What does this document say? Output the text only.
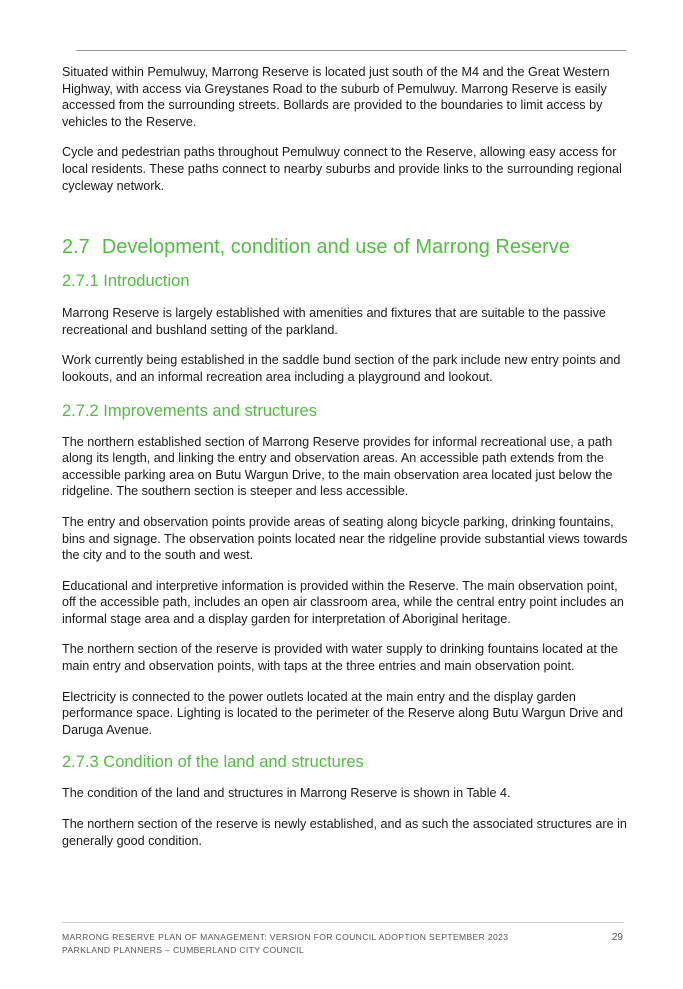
Situated within Pemulwuy, Marrong Reserve is located just south of the M4 and the Great Western Highway, with access via Greystanes Road to the suburb of Pemulwuy. Marrong Reserve is easily accessed from the surrounding streets. Bollards are provided to the boundaries to limit access by vehicles to the Reserve.

Cycle and pedestrian paths throughout Pemulwuy connect to the Reserve, allowing easy access for local residents. These paths connect to nearby suburbs and provide links to the surrounding regional cycleway network.

2.7 Development, condition and use of Marrong Reserve
2.7.1 Introduction

Marrong Reserve is largely established with amenities and fixtures that are suitable to the passive recreational and bushland setting of the parkland.

Work currently being established in the saddle bund section of the park include new entry points and lookouts, and an informal recreation area including a playground and lookout.

2.7.2 Improvements and structures

The northern established section of Marrong Reserve provides for informal recreational use, a path along its length, and linking the entry and observation areas. An accessible path extends from the accessible parking area on Butu Wargun Drive, to the main observation area located just below the ridgeline. The southern section is steeper and less accessible.

The entry and observation points provide areas of seating along bicycle parking, drinking fountains, bins and signage. The observation points located near the ridgeline provide substantial views towards the city and to the south and west.

Educational and interpretive information is provided within the Reserve. The main observation point, off the accessible path, includes an open air classroom area, while the central entry point includes an informal stage area and a display garden for interpretation of Aboriginal heritage.

The northern section of the reserve is provided with water supply to drinking fountains located at the main entry and observation points, with taps at the three entries and main observation point.

Electricity is connected to the power outlets located at the main entry and the display garden performance space. Lighting is located to the perimeter of the Reserve along Butu Wargun Drive and Daruga Avenue.

2.7.3 Condition of the land and structures

The condition of the land and structures in Marrong Reserve is shown in Table 4.

The northern section of the reserve is newly established, and as such the associated structures are in generally good condition.

MARRONG RESERVE PLAN OF MANAGEMENT: VERSION FOR COUNCIL ADOPTION SEPTEMBER 2023
PARKLAND PLANNERS – CUMBERLAND CITY COUNCIL
29
